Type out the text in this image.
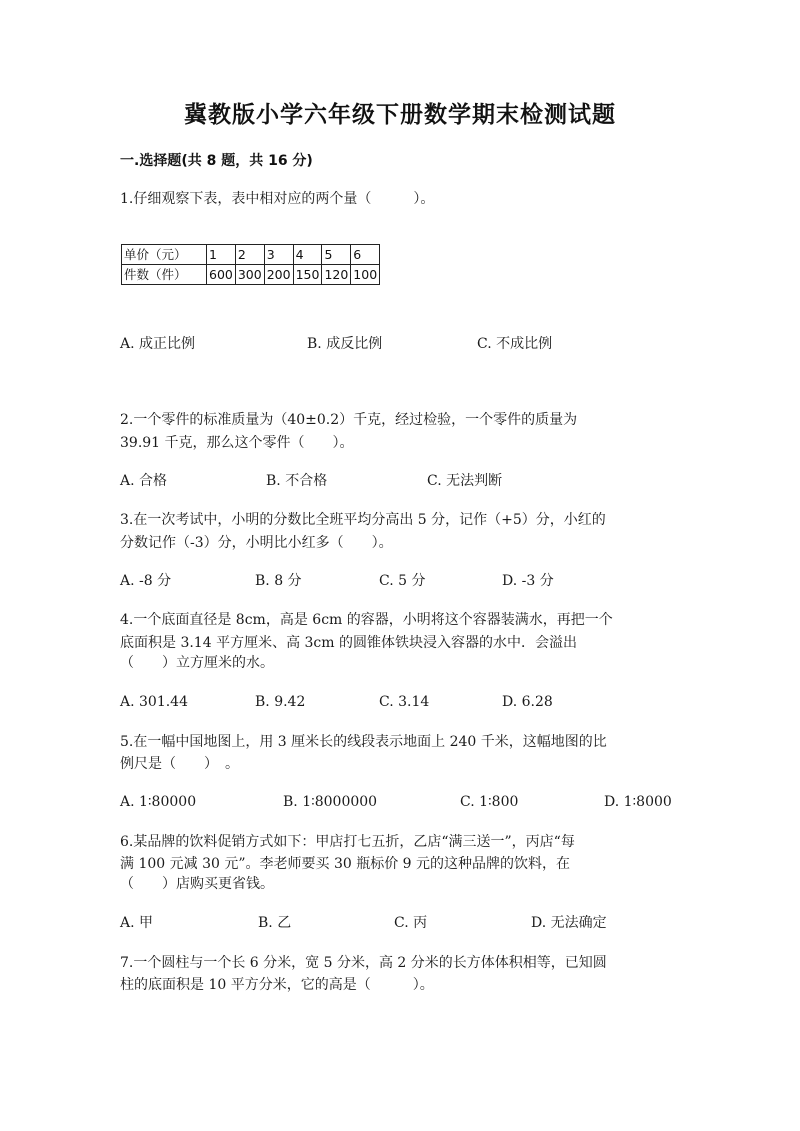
冀教版小学六年级下册数学期末检测试题
一.选择题(共 8 题，共 16 分)
1.仔细观察下表，表中相对应的两个量（　　　）。
单价（元）	1	2	3	4	5	6
件数（件）	600	300	200	150	120	100
A. 成正比例	B. 成反比例	C. 不成比例
2.一个零件的标准质量为（40±0.2）千克，经过检验，一个零件的质量为
39.91 千克，那么这个零件（　　）。
A. 合格	B. 不合格	C. 无法判断
3.在一次考试中，小明的分数比全班平均分高出 5 分，记作（+5）分，小红的
分数记作（-3）分，小明比小红多（　　）。
A. -8 分	B. 8 分	C. 5 分	D. -3 分
4.一个底面直径是 8cm，高是 6cm 的容器，小明将这个容器装满水，再把一个
底面积是 3.14 平方厘米、高 3cm 的圆锥体铁块浸入容器的水中．会溢出
（　　）立方厘米的水。
A. 301.44	B. 9.42	C. 3.14	D. 6.28
5.在一幅中国地图上，用 3 厘米长的线段表示地面上 240 千米，这幅地图的比
例尺是（　　）　。
A. 1∶80000	B. 1∶8000000	C. 1∶800	D. 1∶8000
6.某品牌的饮料促销方式如下：甲店打七五折，乙店“满三送一”，丙店“每
满 100 元减 30 元”。李老师要买 30 瓶标价 9 元的这种品牌的饮料，在
（　　）店购买更省钱。
A. 甲	B. 乙	C. 丙	D. 无法确定
7.一个圆柱与一个长 6 分米，宽 5 分米，高 2 分米的长方体体积相等，已知圆
柱的底面积是 10 平方分米，它的高是（　　　）。
